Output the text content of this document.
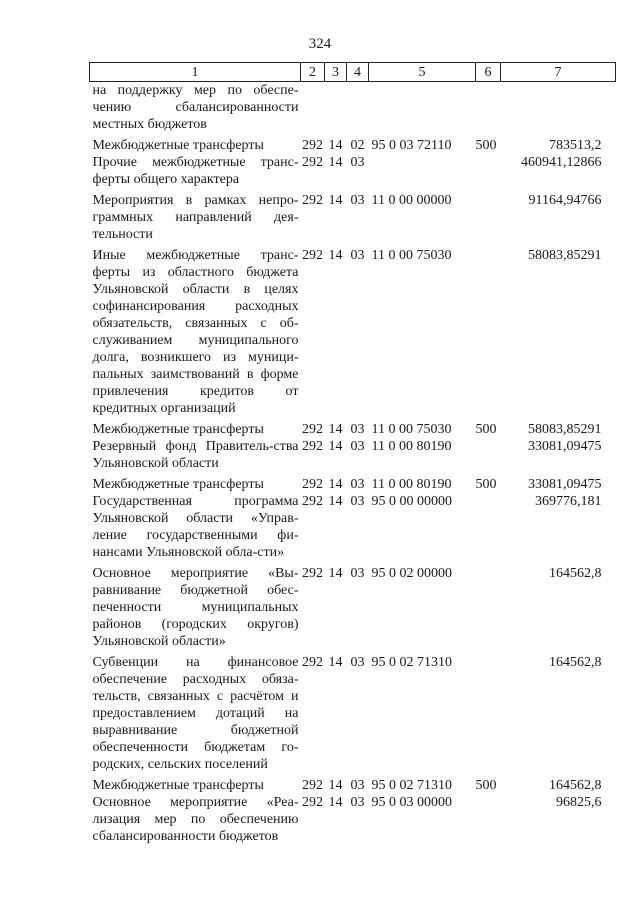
324
1	2	3	4	5	6	7
на поддержку мер по обеспе-чению сбалансированности местных бюджетов						
Межбюджетные трансферты	292	14	02	95 0 03 72110	500	783513,2
Прочие межбюджетные транс-ферты общего характера	292	14	03			460941,12866
Мероприятия в рамках непро-граммных направлений дея-тельности	292	14	03	11 0 00 00000		91164,94766
Иные межбюджетные транс-ферты из областного бюджета Ульяновской области в целях софинансирования расходных обязательств, связанных с об-служиванием муниципального долга, возникшего из муници-пальных заимствований в форме привлечения кредитов от кредитных организаций	292	14	03	11 0 00 75030		58083,85291
Межбюджетные трансферты	292	14	03	11 0 00 75030	500	58083,85291
Резервный фонд Правитель-ства Ульяновской области	292	14	03	11 0 00 80190		33081,09475
Межбюджетные трансферты	292	14	03	11 0 00 80190	500	33081,09475
Государственная программа Ульяновской области «Управ-ление государственными фи-нансами Ульяновской обла-сти»	292	14	03	95 0 00 00000		369776,181
Основное мероприятие «Вы-равнивание бюджетной обес-печенности муниципальных районов (городских округов) Ульяновской области»	292	14	03	95 0 02 00000		164562,8
Субвенции на финансовое обеспечение расходных обяза-тельств, связанных с расчётом и предоставлением дотаций на выравнивание бюджетной обеспеченности бюджетам го-родских, сельских поселений	292	14	03	95 0 02 71310		164562,8
Межбюджетные трансферты	292	14	03	95 0 02 71310	500	164562,8
Основное мероприятие «Реа-лизация мер по обеспечению сбалансированности бюджетов	292	14	03	95 0 03 00000		96825,6
